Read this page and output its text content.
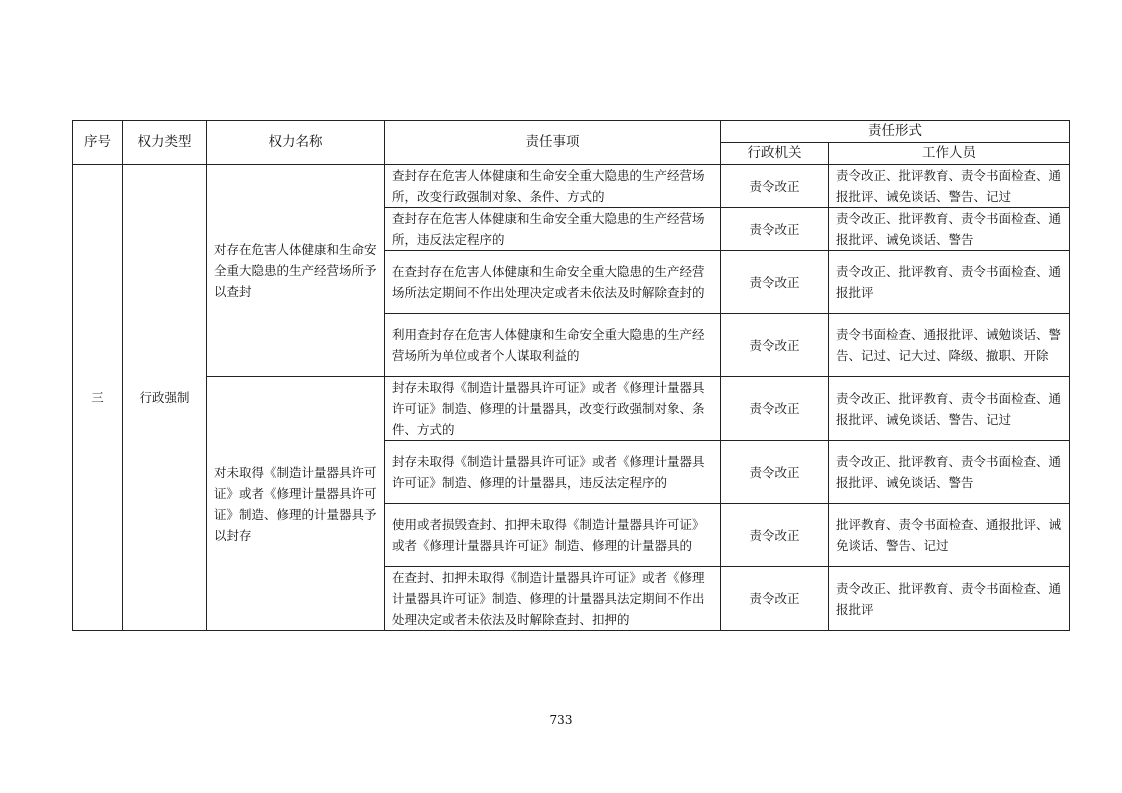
序号	权力类型	权力名称	责任事项	责任形式	
				行政机关	工作人员
三	行政强制	对存在危害人体健康和生命安全重大隐患的生产经营场所予以查封	查封存在危害人体健康和生命安全重大隐患的生产经营场所，改变行政强制对象、条件、方式的	责令改正	责令改正、批评教育、责令书面检查、通报批评、诫免谈话、警告、记过
			查封存在危害人体健康和生命安全重大隐患的生产经营场所，违反法定程序的	责令改正	责令改正、批评教育、责令书面检查、通报批评、诫免谈话、警告
			在查封存在危害人体健康和生命安全重大隐患的生产经营场所法定期间不作出处理决定或者未依法及时解除查封的	责令改正	责令改正、批评教育、责令书面检查、通报批评
			利用查封存在危害人体健康和生命安全重大隐患的生产经营场所为单位或者个人谋取利益的	责令改正	责令书面检查、通报批评、诫勉谈话、警告、记过、记大过、降级、撤职、开除
		对未取得《制造计量器具许可证》或者《修理计量器具许可证》制造、修理的计量器具予以封存	封存未取得《制造计量器具许可证》或者《修理计量器具许可证》制造、修理的计量器具，改变行政强制对象、条件、方式的	责令改正	责令改正、批评教育、责令书面检查、通报批评、诫免谈话、警告、记过
			封存未取得《制造计量器具许可证》或者《修理计量器具许可证》制造、修理的计量器具，违反法定程序的	责令改正	责令改正、批评教育、责令书面检查、通报批评、诫免谈话、警告
			使用或者损毁查封、扣押未取得《制造计量器具许可证》或者《修理计量器具许可证》制造、修理的计量器具的	责令改正	批评教育、责令书面检查、通报批评、诫免谈话、警告、记过
			在查封、扣押未取得《制造计量器具许可证》或者《修理计量器具许可证》制造、修理的计量器具法定期间不作出处理决定或者未依法及时解除查封、扣押的	责令改正	责令改正、批评教育、责令书面检查、通报批评
733
